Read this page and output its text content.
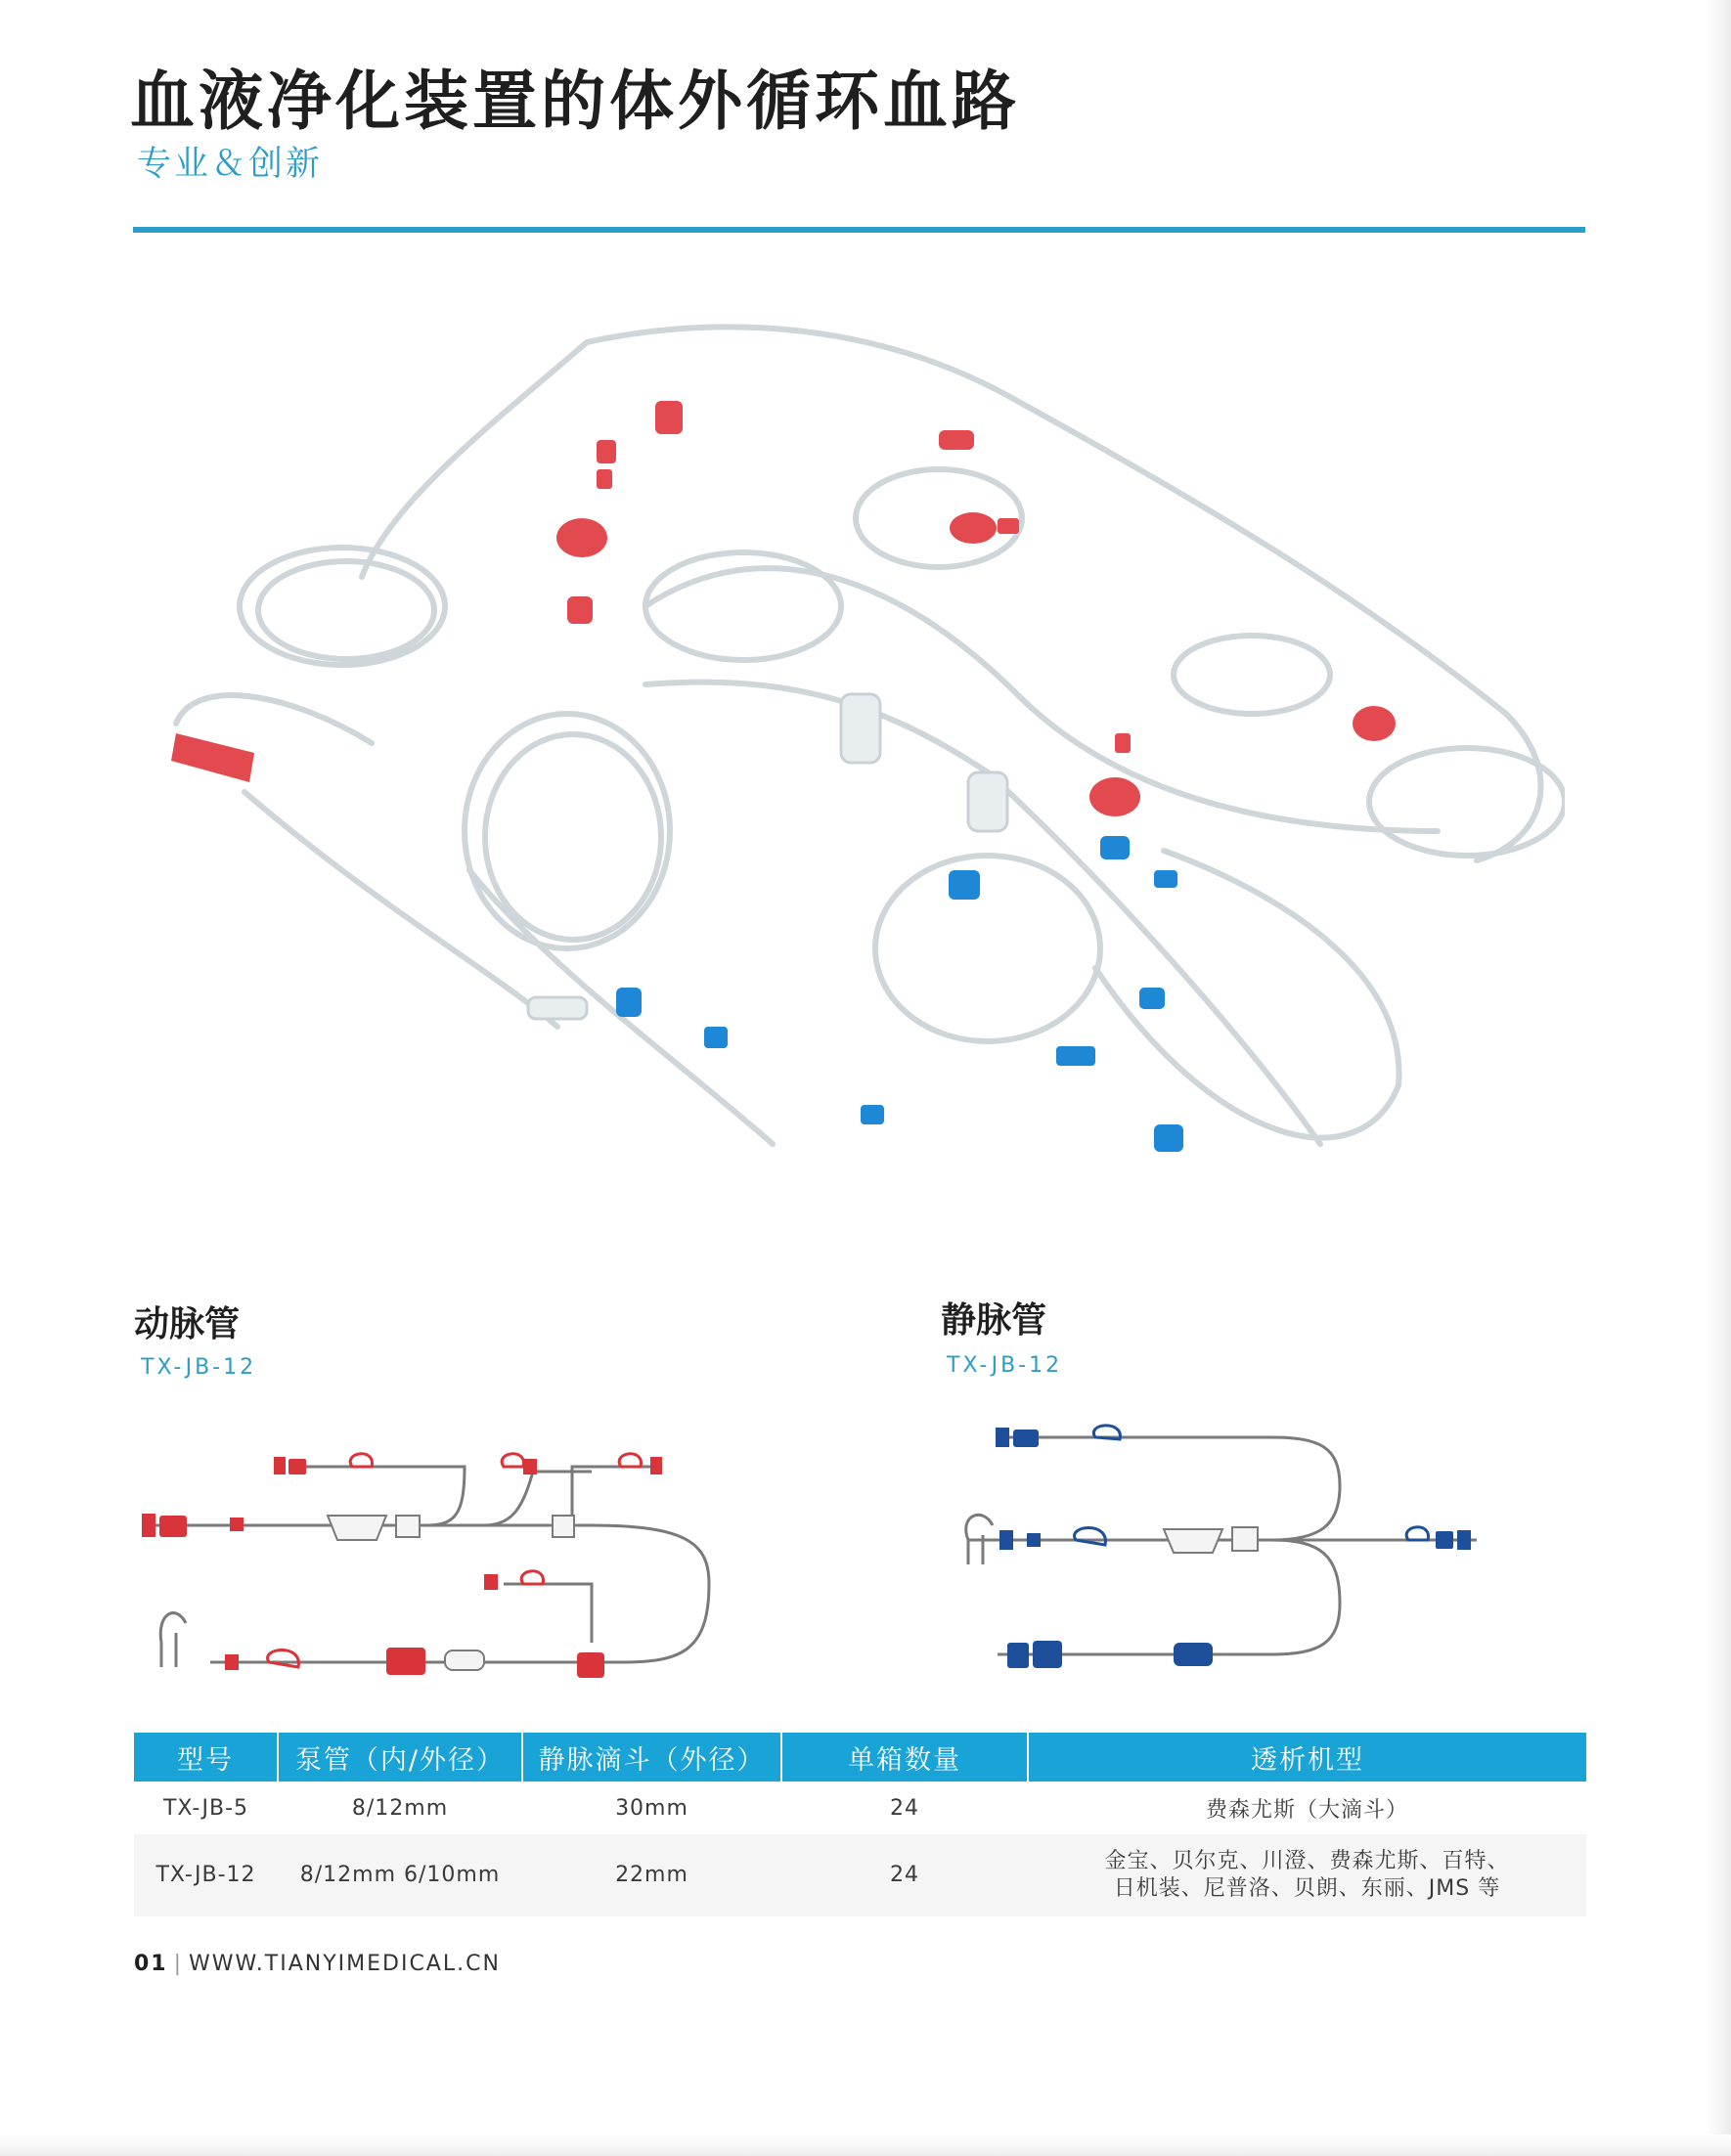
血液净化装置的体外循环血路
专业＆创新
动脉管
TX-JB-12
静脉管
TX-JB-12
型号	泵管（内/外径）	静脉滴斗（外径）	单箱数量	透析机型
TX-JB-5	8/12mm	30mm	24	费森尤斯（大滴斗）
TX-JB-12	8/12mm 6/10mm	22mm	24	金宝、贝尔克、川澄、费森尤斯、百特、
日机装、尼普洛、贝朗、东丽、JMS 等
01 | WWW.TIANYIMEDICAL.CN
